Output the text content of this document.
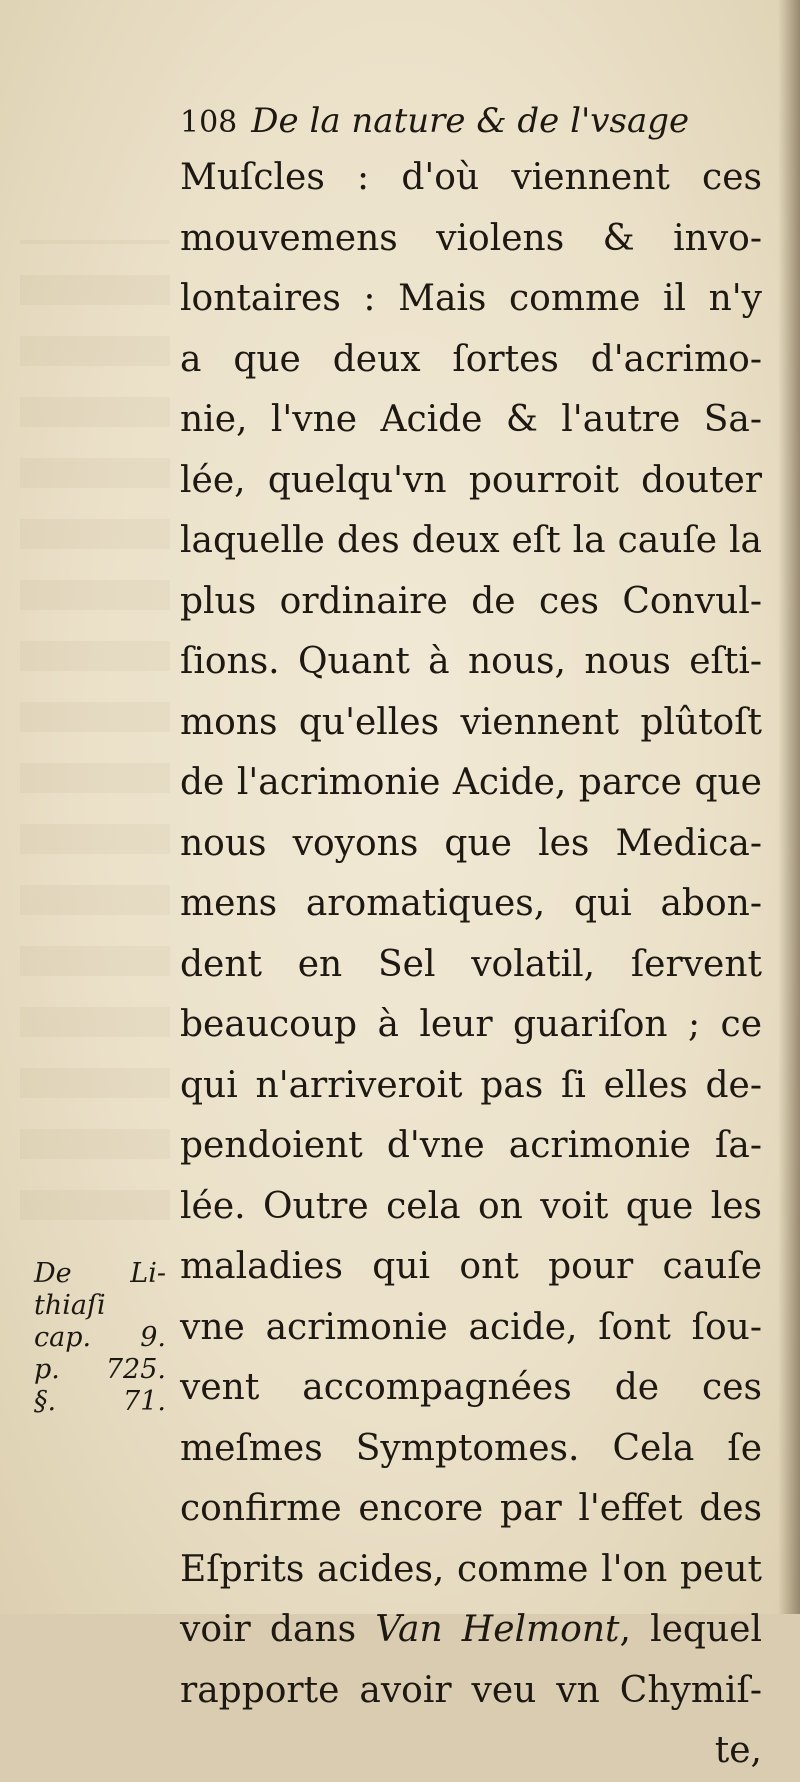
108 De la nature & de l'vsage
Muſcles : d'où viennent ces
mouvemens violens & invo-
lontaires : Mais comme il n'y
a que deux ſortes d'acrimo-
nie, l'vne Acide & l'autre Sa-
lée, quelqu'vn pourroit douter
laquelle des deux eſt la cauſe la
plus ordinaire de ces Convul-
ſions. Quant à nous, nous eſti-
mons qu'elles viennent plûtoſt
de l'acrimonie Acide, parce que
nous voyons que les Medica-
mens aromatiques, qui abon-
dent en Sel volatil, ſervent
beaucoup à leur guariſon ; ce
qui n'arriveroit pas ſi elles de-
pendoient d'vne acrimonie ſa-
lée. Outre cela on voit que les
maladies qui ont pour cauſe
vne acrimonie acide, ſont ſou-
vent accompagnées de ces
meſmes Symptomes. Cela ſe
confirme encore par l'effet des
Eſprits acides, comme l'on peut
voir dans Van Helmont, lequel
rapporte avoir veu vn Chymiſ-
te,
De Li-
thiaſi
cap. 9.
p. 725.
§. 71.
